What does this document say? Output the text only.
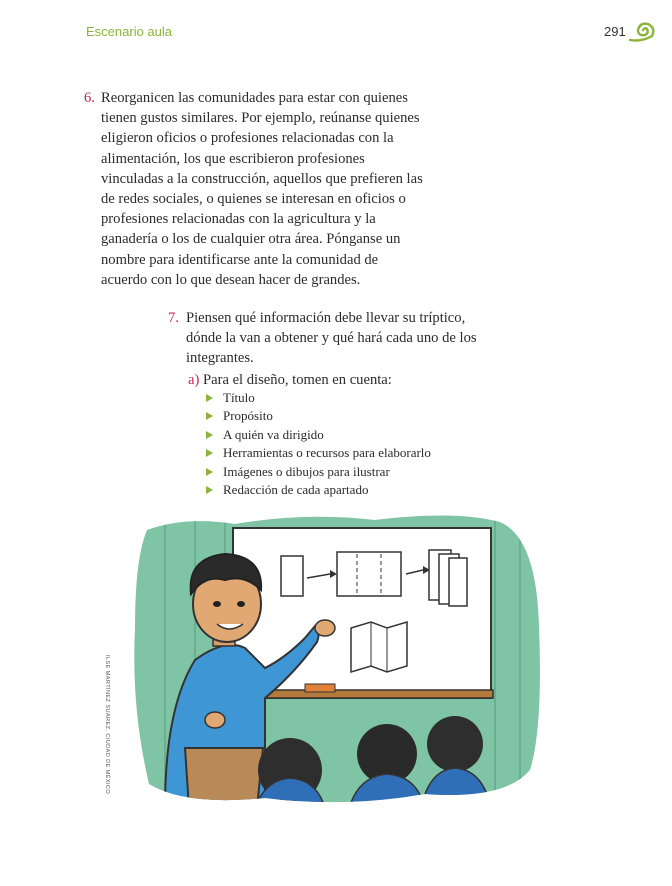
Escenario aula	291
6. Reorganicen las comunidades para estar con quienes tienen gustos similares. Por ejemplo, reúnanse quienes eligieron oficios o profesiones relacionadas con la alimentación, los que escribieron profesiones vinculadas a la construcción, aquellos que prefieren las de redes sociales, o quienes se interesan en oficios o profesiones relacionadas con la agricultura y la ganadería o los de cualquier otra área. Pónganse un nombre para identificarse ante la comunidad de acuerdo con lo que desean hacer de grandes.
7. Piensen qué información debe llevar su tríptico, dónde la van a obtener y qué hará cada uno de los integrantes.
a) Para el diseño, tomen en cuenta:
Título
Propósito
A quién va dirigido
Herramientas o recursos para elaborarlo
Imágenes o dibujos para ilustrar
Redacción de cada apartado
ILSE MARTÍNEZ SUÁREZ, CIUDAD DE MÉXICO
